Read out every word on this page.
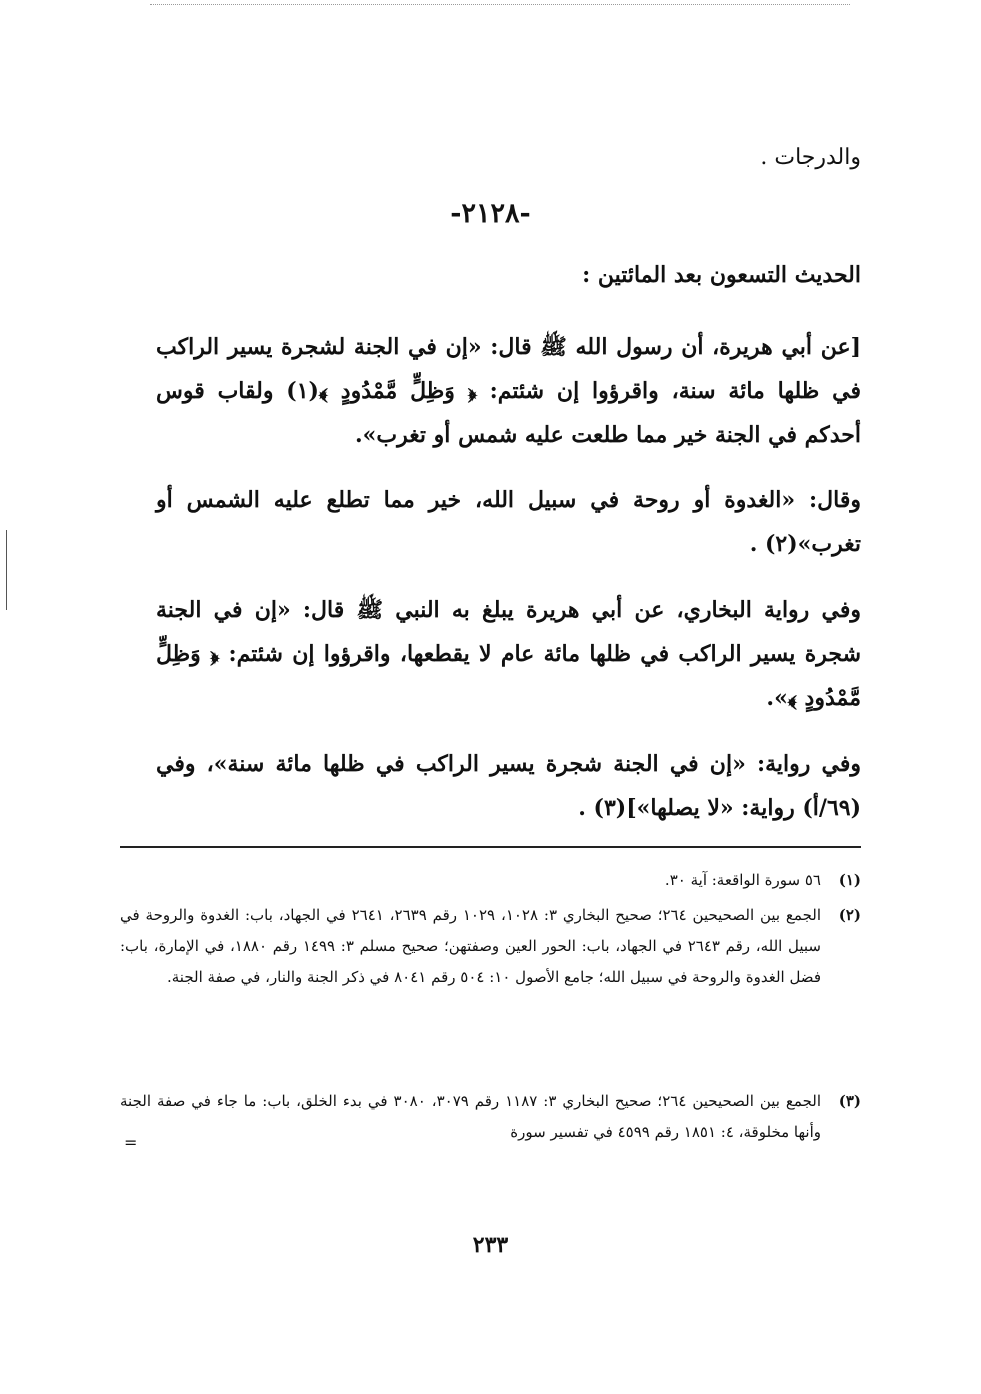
والدرجات .
-٢١٢٨-
الحديث التسعون بعد المائتين :
[عن أبي هريرة، أن رسول الله ﷺ قال: «إن في الجنة لشجرة يسير الراكب في ظلها مائة سنة، واقرؤوا إن شئتم: ﴿ وَظِلٍّ مَّمْدُودٍ ﴾(١) ولقاب قوس أحدكم في الجنة خير مما طلعت عليه شمس أو تغرب».
وقال: «الغدوة أو روحة في سبيل الله، خير مما تطلع عليه الشمس أو تغرب»(٢) .
وفي رواية البخاري، عن أبي هريرة يبلغ به النبي ﷺ قال: «إن في الجنة شجرة يسير الراكب في ظلها مائة عام لا يقطعها، واقرؤوا إن شئتم: ﴿ وَظِلٍّ مَّمْدُودٍ ﴾».
وفي رواية: «إن في الجنة شجرة يسير الراكب في ظلها مائة سنة»، وفي (٦٩/أ) رواية: «لا يصلها»](٣) .
(١)
٥٦ سورة الواقعة: آية ٣٠.
(٢)
الجمع بين الصحيحين ٢٦٤؛ صحيح البخاري ٣: ١٠٢٨، ١٠٢٩ رقم ٢٦٣٩، ٢٦٤١ في الجهاد، باب: الغدوة والروحة في سبيل الله، رقم ٢٦٤٣ في الجهاد، باب: الحور العين وصفتهن؛ صحيح مسلم ٣: ١٤٩٩ رقم ١٨٨٠، في الإمارة، باب: فضل الغدوة والروحة في سبيل الله؛ جامع الأصول ١٠: ٥٠٤ رقم ٨٠٤١ في ذكر الجنة والنار، في صفة الجنة.
(٣)
الجمع بين الصحيحين ٢٦٤؛ صحيح البخاري ٣: ١١٨٧ رقم ٣٠٧٩، ٣٠٨٠ في بدء الخلق، باب: ما جاء في صفة الجنة وأنها مخلوقة، ٤: ١٨٥١ رقم ٤٥٩٩ في تفسير سورة
=
٢٣٣
